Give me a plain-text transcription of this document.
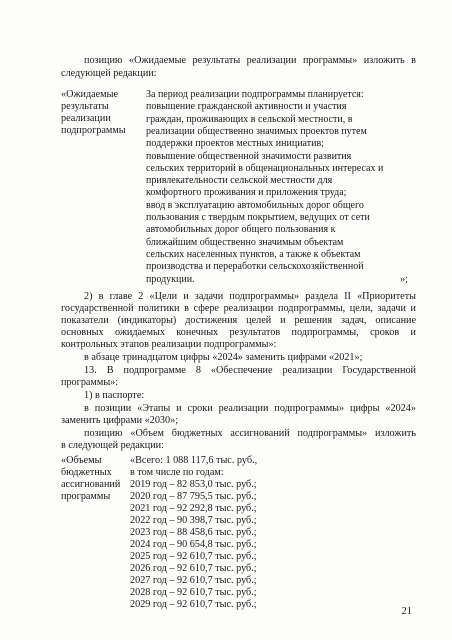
позицию «Ожидаемые результаты реализации программы» изложить в
следующей редакции:
«Ожидаемые
результаты
реализации
подпрограммы
За период реализации подпрограммы планируется:
повышение гражданской активности и участия
граждан, проживающих в сельской местности, в
реализации общественно значимых проектов путем
поддержки проектов местных инициатив;
повышение общественной значимости развития
сельских территорий в общенациональных интересах и
привлекательности сельской местности для
комфортного проживания и приложения труда;
ввод в эксплуатацию автомобильных дорог общего
пользования с твердым покрытием, ведущих от сети
автомобильных дорог общего пользования к
ближайшим общественно значимым объектам
сельских населенных пунктов, а также к объектам
производства и переработки сельскохозяйственной
продукции.	»;
2) в главе 2 «Цели и задачи подпрограммы» раздела II «Приоритеты
государственной политики в сфере реализации подпрограммы, цели, задачи и
показатели (индикаторы) достижения целей и решения задач, описание
основных ожидаемых конечных результатов подпрограммы, сроков и
контрольных этапов реализации подпрограммы»:
в абзаце тринадцатом цифры «2024» заменить цифрами «2021»;
13. В подпрограмме 8 «Обеспечение реализации Государственной
программы»:
1) в паспорте:
в позиции «Этапы и сроки реализации подпрограммы» цифры «2024»
заменить цифрами «2030»;
позицию «Объем бюджетных ассигнований подпрограммы» изложить
в следующей редакции:
«Объемы
бюджетных
ассигнований
программы
«Всего: 1 088 117,6 тыс. руб.,
в том числе по годам:
2019 год – 82 853,0 тыс. руб.;
2020 год – 87 795,5 тыс. руб.;
2021 год – 92 292,8 тыс. руб.;
2022 год – 90 398,7 тыс. руб.;
2023 год – 88 458,6 тыс. руб.;
2024 год – 90 654,8 тыс. руб.;
2025 год – 92 610,7 тыс. руб.;
2026 год – 92 610,7 тыс. руб.;
2027 год – 92 610,7 тыс. руб.;
2028 год – 92 610,7 тыс. руб.;
2029 год – 92 610,7 тыс. руб.;
21
